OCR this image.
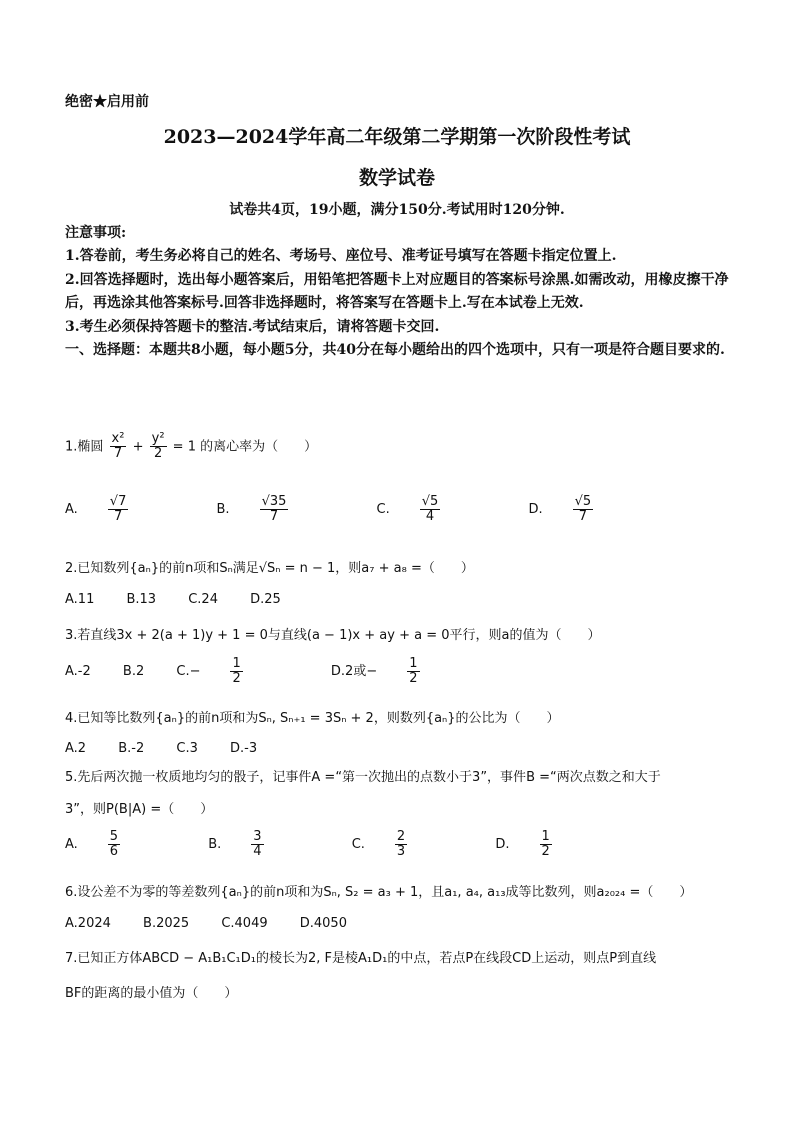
绝密★启用前
2023—2024学年高二年级第二学期第一次阶段性考试
数学试卷
试卷共4页，19小题，满分150分.考试用时120分钟.

注意事项:

1.答卷前，考生务必将自己的姓名、考场号、座位号、准考证号填写在答题卡指定位置上.

2.回答选择题时，选出每小题答案后，用铅笔把答题卡上对应题目的答案标号涂黑.如需改动，用橡皮擦干净后，再选涂其他答案标号.回答非选择题时，将答案写在答题卡上.写在本试卷上无效.

3.考生必须保持答题卡的整洁.考试结束后，请将答题卡交回.

一、选择题：本题共8小题，每小题5分，共40分在每小题给出的四个选项中，只有一项是符合题目要求的.

1.椭圆 $\frac{\text{x²}}{7} + \frac{\text{y²}}{2} = 1$ 的离心率为（　　）
A. $\frac{√7}{7}$	B. $\frac{√35}{7}$	C. $\frac{√5}{4}$	D. $\frac{√5}{7}$
2.已知数列{aₙ}的前n项和Sₙ满足√Sₙ = n − 1，则a₇ + a₈ =（　　）
A.11 B.13 C.24 D.25
3.若直线3x + 2(a + 1)y + 1 = 0与直线(a − 1)x + ay + a = 0平行，则a的值为（　　）
A.-2 B.2 $C.- \frac{1}{2}$	D.2或− $\frac{1}{2}$
4.已知等比数列{aₙ}的前n项和为Sₙ, Sₙ₊₁ = 3Sₙ + 2，则数列{aₙ}的公比为（　　）
A.2 B.-2 C.3 D.-3
5.先后两次抛一枚质地均匀的骰子，记事件A =“第一次抛出的点数小于3”，事件B =“两次点数之和大于
3”，则P(B|A) =（　　）
A. $\frac{5}{6}$	B. $\frac{3}{4}$	C. $\frac{2}{3}$	D. $\frac{1}{2}$
6.设公差不为零的等差数列{aₙ}的前n项和为Sₙ, S₂ = a₃ + 1，且a₁, a₄, a₁₃成等比数列，则a₂₀₂₄ =（　　）
A.2024 B.2025 C.4049 D.4050
7.已知正方体ABCD − A₁B₁C₁D₁的棱长为2, F是棱A₁D₁的中点，若点P在线段CD上运动，则点P到直线
BF的距离的最小值为（　　）
